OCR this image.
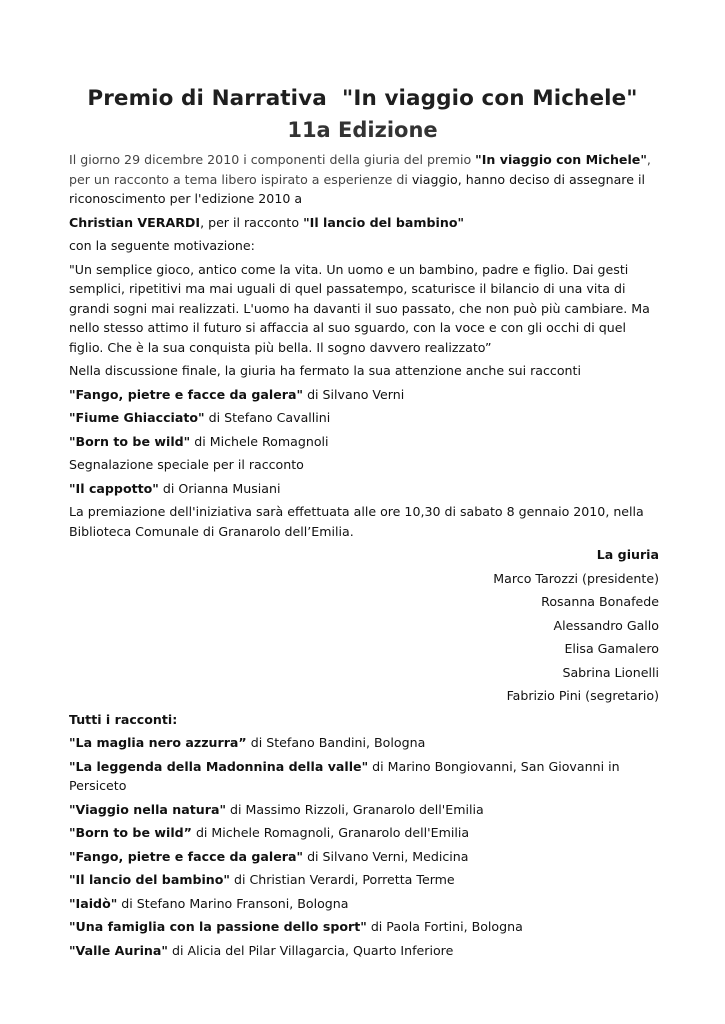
Premio di Narrativa  "In viaggio con Michele"
11a Edizione

Il giorno 29 dicembre 2010 i componenti della giuria del premio "In viaggio con Michele", per un racconto a tema libero ispirato a esperienze di viaggio, hanno deciso di assegnare il riconoscimento per l'edizione 2010 a

Christian VERARDI, per il racconto "Il lancio del bambino"

con la seguente motivazione:

"Un semplice gioco, antico come la vita. Un uomo e un bambino, padre e figlio. Dai gesti semplici, ripetitivi ma mai uguali di quel passatempo, scaturisce il bilancio di una vita di grandi sogni mai realizzati. L'uomo ha davanti il suo passato, che non può più cambiare. Ma nello stesso attimo il futuro si affaccia al suo sguardo, con la voce e con gli occhi di quel figlio. Che è la sua conquista più bella. Il sogno davvero realizzato”

Nella discussione finale, la giuria ha fermato la sua attenzione anche sui racconti

"Fango, pietre e facce da galera" di Silvano Verni

"Fiume Ghiacciato" di Stefano Cavallini

"Born to be wild" di Michele Romagnoli

Segnalazione speciale per il racconto

"Il cappotto" di Orianna Musiani

La premiazione dell'iniziativa sarà effettuata alle ore 10,30 di sabato 8 gennaio 2010, nella Biblioteca Comunale di Granarolo dell’Emilia.

La giuria

Marco Tarozzi (presidente)

Rosanna Bonafede

Alessandro Gallo

Elisa Gamalero

Sabrina Lionelli

Fabrizio Pini (segretario)

Tutti i racconti:

"La maglia nero azzurra” di Stefano Bandini, Bologna

"La leggenda della Madonnina della valle" di Marino Bongiovanni, San Giovanni in Persiceto

"Viaggio nella natura" di Massimo Rizzoli, Granarolo dell'Emilia

"Born to be wild” di Michele Romagnoli, Granarolo dell'Emilia

"Fango, pietre e facce da galera" di Silvano Verni, Medicina

"Il lancio del bambino" di Christian Verardi, Porretta Terme

"Iaidò" di Stefano Marino Fransoni, Bologna

"Una famiglia con la passione dello sport" di Paola Fortini, Bologna

"Valle Aurina" di Alicia del Pilar Villagarcia, Quarto Inferiore
